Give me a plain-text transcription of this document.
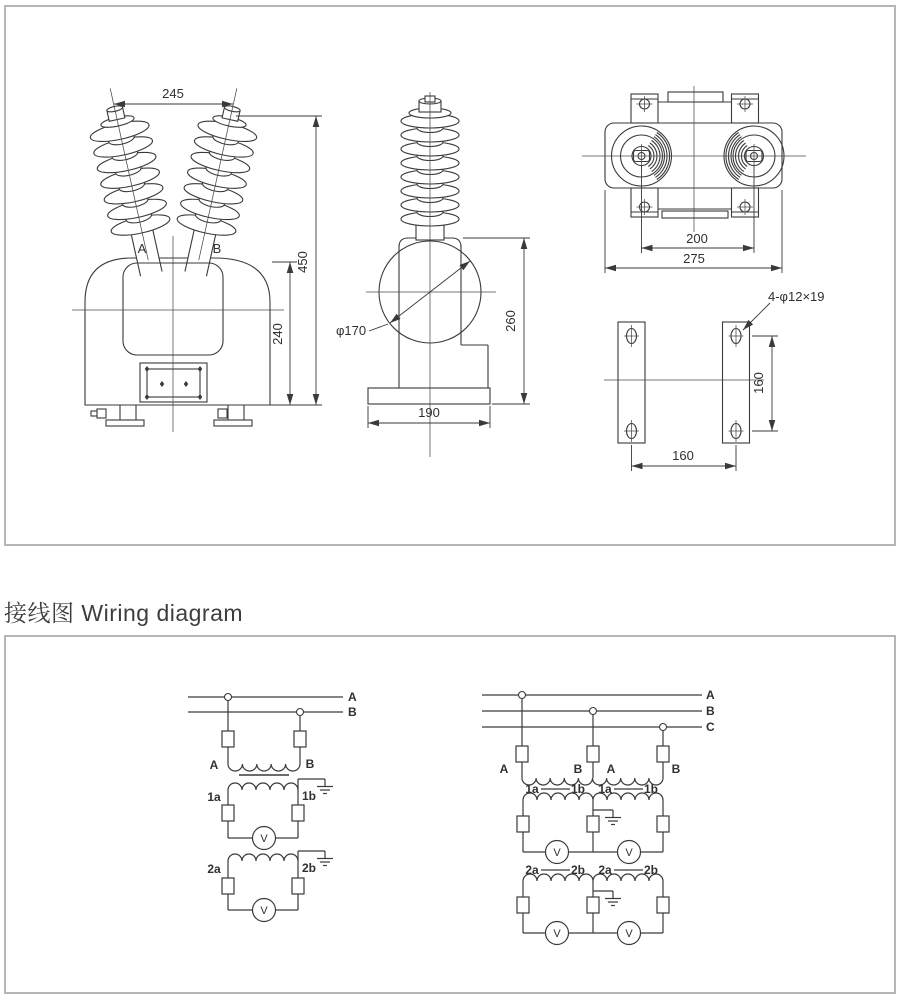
接线图 Wiring diagram
245
450
240
A	B
φ170	260
190
200
275
160
160
4-φ12×19
A
B
A	B
1a	1b
V
2a	2b
V
A
B
C
A	B A	B
1a	1b 1a	1b
V	V
2a	2b 2a	2b
V	V
